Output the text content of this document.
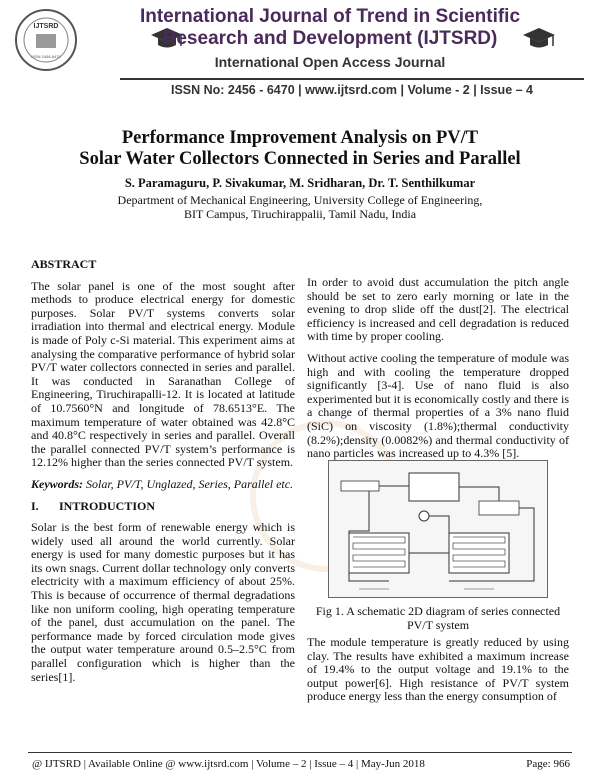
IJTSRD
ISSN 2456-6470
International Journal of Trend in Scientific
Research and Development (IJTSRD)
International Open Access Journal
ISSN No: 2456 - 6470 | www.ijtsrd.com | Volume - 2 | Issue – 4
Performance Improvement Analysis on PV/T
Solar Water Collectors Connected in Series and Parallel
S. Paramaguru, P. Sivakumar, M. Sridharan, Dr. T. Senthilkumar
Department of Mechanical Engineering, University College of Engineering,
BIT Campus, Tiruchirappalii, Tamil Nadu, India
ABSTRACT

The solar panel is one of the most sought after methods to produce electrical energy for domestic purposes. Solar PV/T systems converts solar irradiation into thermal and electrical energy. Module is made of Poly c-Si material. This experiment aims at analysing the comparative performance of hybrid solar PV/T water collectors connected in series and parallel. It was conducted in Saranathan College of Engineering, Tiruchirapalli-12. It is located at latitude of 10.7560°N and longitude of 78.6513°E. The maximum temperature of water obtained was 42.8°C and 40.8°C respectively in series and parallel. Overall the parallel connected PV/T system’s performance is 12.12% higher than the series connected PV/T system.

Keywords: Solar, PV/T, Unglazed, Series, Parallel etc.

I. INTRODUCTION

Solar is the best form of renewable energy which is widely used all around the world currently. Solar energy is used for many domestic purposes but it has its own snags. Current dollar technology only converts electricity with a maximum efficiency of about 25%. This is because of occurrence of thermal degradations like non uniform cooling, high operating temperature of the panel, dust accumulation on the panel. The performance made by forced circulation mode gives the output water temperature around 0.5–2.5°C from parallel configuration which is higher than the series[1].

In order to avoid dust accumulation the pitch angle should be set to zero early morning or late in the evening to drop slide off the dust[2]. The electrical efficiency is increased and cell degradation is reduced with time by proper cooling.

Without active cooling the temperature of module was high and with cooling the temperature dropped significantly [3-4]. Use of nano fluid is also experimented but it is economically costly and there is a change of thermal properties of a 3% nano fluid (SiC) on viscosity (1.8%);thermal conductivity (8.2%);density (0.0082%) and thermal conductivity of nano particles was increased up to 4.3% [5].

Fig 1. A schematic 2D diagram of series connected PV/T system

The module temperature is greatly reduced by using clay. The results have exhibited a maximum increase of 19.4% to the output voltage and 19.1% to the output power[6]. High resistance of PV/T system produce energy less than the energy consumption of

@ IJTSRD | Available Online @ www.ijtsrd.com | Volume – 2 | Issue – 4 | May-Jun 2018	Page: 966
